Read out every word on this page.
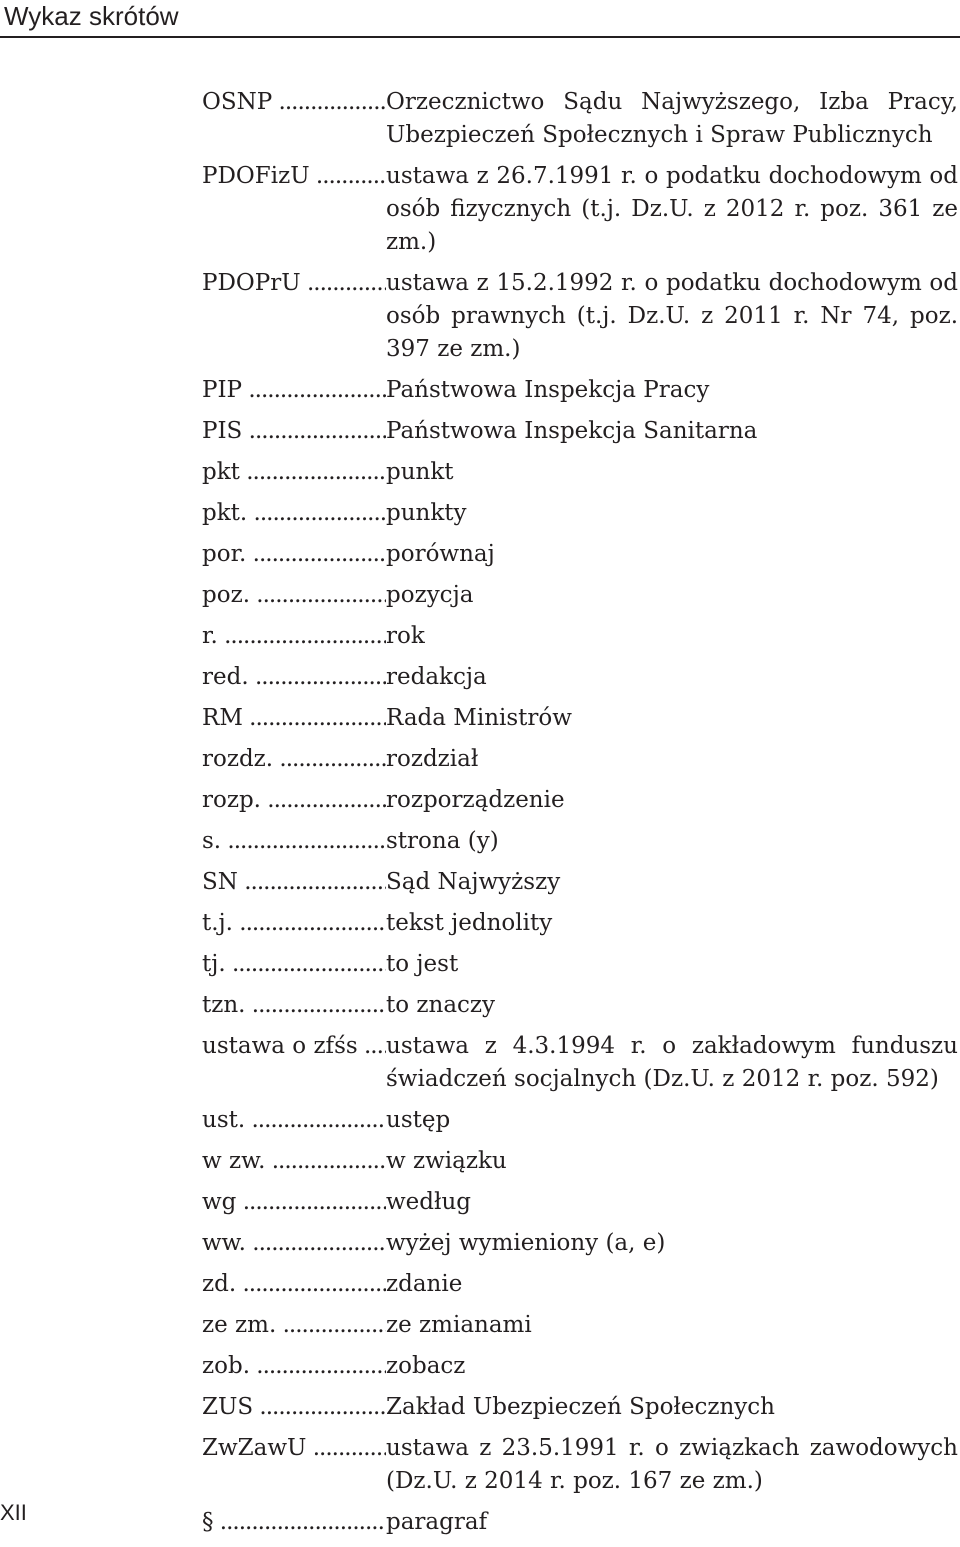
Wykaz skrótów
OSNP .....	Orzecznictwo Sądu Najwyższego, Izba Pracy, Ubezpieczeń Społecznych i Spraw Publicznych
PDOFizU .....	ustawa z 26.7.1991 r. o podatku dochodowym od osób fizycznych (t.j. Dz.U. z 2012 r. poz. 361 ze zm.)
PDOPrU .....	ustawa z 15.2.1992 r. o podatku dochodowym od osób prawnych (t.j. Dz.U. z 2011 r. Nr 74, poz. 397 ze zm.)
PIP .....	Państwowa Inspekcja Pracy
PIS .....	Państwowa Inspekcja Sanitarna
pkt .....	punkt
pkt. .....	punkty
por. .....	porównaj
poz. .....	pozycja
r. .....	rok
red. .....	redakcja
RM .....	Rada Ministrów
rozdz. .....	rozdział
rozp. .....	rozporządzenie
s. .....	strona (y)
SN .....	Sąd Najwyższy
t.j. .....	tekst jednolity
tj. .....	to jest
tzn. .....	to znaczy
ustawa o zfśs .....	ustawa z 4.3.1994 r. o zakładowym funduszu świadczeń socjalnych (Dz.U. z 2012 r. poz. 592)
ust. .....	ustęp
w zw. .....	w związku
wg .....	według
ww. .....	wyżej wymieniony (a, e)
zd. .....	zdanie
ze zm. .....	ze zmianami
zob. .....	zobacz
ZUS .....	Zakład Ubezpieczeń Społecznych
ZwZawU .....	ustawa z 23.5.1991 r. o związkach zawodowych (Dz.U. z 2014 r. poz. 167 ze zm.)
§ .....	paragraf
XII
